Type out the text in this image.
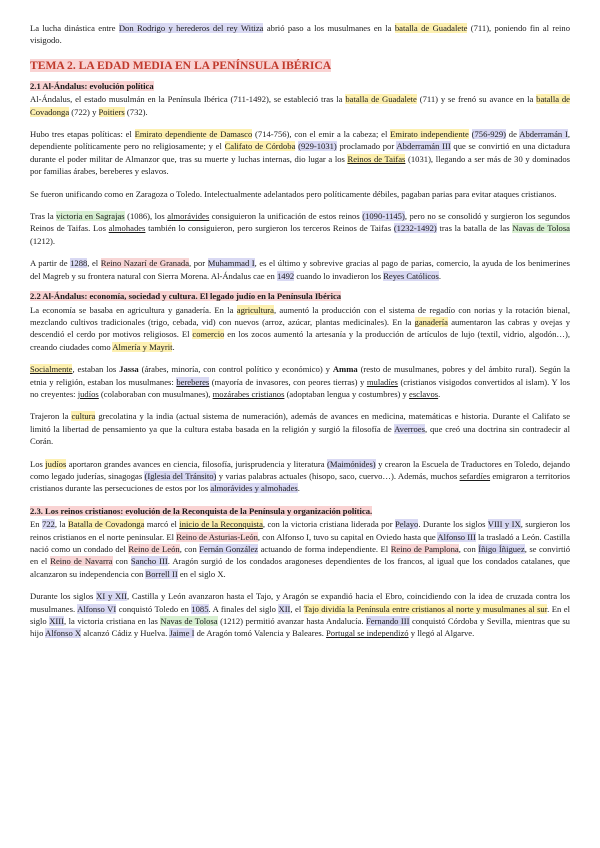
La lucha dinástica entre Don Rodrigo y herederos del rey Witiza abrió paso a los musulmanes en la batalla de Guadalete (711), poniendo fin al reino visigodo.

TEMA 2. LA EDAD MEDIA EN LA PENÍNSULA IBÉRICA
2.1 Al-Ándalus: evolución política

Al-Ándalus, el estado musulmán en la Península Ibérica (711-1492), se estableció tras la batalla de Guadalete (711) y se frenó su avance en la batalla de Covadonga (722) y Poitiers (732).

Hubo tres etapas políticas: el Emirato dependiente de Damasco (714-756), con el emir a la cabeza; el Emirato independiente (756-929) de Abderramán I, dependiente políticamente pero no religiosamente; y el Califato de Córdoba (929-1031) proclamado por Abderramán III que se convirtió en una dictadura durante el poder militar de Almanzor que, tras su muerte y luchas internas, dio lugar a los Reinos de Taifas (1031), llegando a ser más de 30 y dominados por familias árabes, bereberes y eslavos.

Se fueron unificando como en Zaragoza o Toledo. Intelectualmente adelantados pero políticamente débiles, pagaban parias para evitar ataques cristianos.

Tras la victoria en Sagrajas (1086), los almorávides consiguieron la unificación de estos reinos (1090-1145), pero no se consolidó y surgieron los segundos Reinos de Taifas. Los almohades también lo consiguieron, pero surgieron los terceros Reinos de Taifas (1232-1492) tras la batalla de las Navas de Tolosa (1212).

A partir de 1288, el Reino Nazarí de Granada, por Muhammad I, es el último y sobrevive gracias al pago de parias, comercio, la ayuda de los benimerines del Magreb y su frontera natural con Sierra Morena. Al-Ándalus cae en 1492 cuando lo invadieron los Reyes Católicos.

2.2 Al-Ándalus: economía, sociedad y cultura. El legado judío en la Península Ibérica

La economía se basaba en agricultura y ganadería. En la agricultura, aumentó la producción con el sistema de regadío con norias y la rotación bienal, mezclando cultivos tradicionales (trigo, cebada, vid) con nuevos (arroz, azúcar, plantas medicinales). En la ganadería aumentaron las cabras y ovejas y descendió el cerdo por motivos religiosos. El comercio en los zocos aumentó la artesanía y la producción de artículos de lujo (textil, vidrio, algodón…), creando ciudades como Almería y Mayrit.

Socialmente, estaban los Jassa (árabes, minoría, con control político y económico) y Amma (resto de musulmanes, pobres y del ámbito rural). Según la etnia y religión, estaban los musulmanes: bereberes (mayoría de invasores, con peores tierras) y muladíes (cristianos visigodos convertidos al islam). Y los no creyentes: judíos (colaboraban con musulmanes), mozárabes cristianos (adoptaban lengua y costumbres) y esclavos.

Trajeron la cultura grecolatina y la india (actual sistema de numeración), además de avances en medicina, matemáticas e historia. Durante el Califato se limitó la libertad de pensamiento ya que la cultura estaba basada en la religión y surgió la filosofía de Averroes, que creó una doctrina sin contradecir al Corán.

Los judíos aportaron grandes avances en ciencia, filosofía, jurisprudencia y literatura (Maimónides) y crearon la Escuela de Traductores en Toledo, dejando como legado juderías, sinagogas (Iglesia del Tránsito) y varias palabras actuales (hisopo, saco, cuervo…). Además, muchos sefardíes emigraron a territorios cristianos durante las persecuciones de estos por los almorávides y almohades.

2.3. Los reinos cristianos: evolución de la Reconquista de la Península y organización política.

En 722, la Batalla de Covadonga marcó el inicio de la Reconquista, con la victoria cristiana liderada por Pelayo. Durante los siglos VIII y IX, surgieron los reinos cristianos en el norte peninsular. El Reino de Asturias-León, con Alfonso I, tuvo su capital en Oviedo hasta que Alfonso III la trasladó a León. Castilla nació como un condado del Reino de León, con Fernán González actuando de forma independiente. El Reino de Pamplona, con Íñigo Íñiguez, se convirtió en el Reino de Navarra con Sancho III. Aragón surgió de los condados aragoneses dependientes de los francos, al igual que los condados catalanes, que alcanzaron su independencia con Borrell II en el siglo X.

Durante los siglos XI y XII, Castilla y León avanzaron hasta el Tajo, y Aragón se expandió hacia el Ebro, coincidiendo con la idea de cruzada contra los musulmanes. Alfonso VI conquistó Toledo en 1085. A finales del siglo XII, el Tajo dividía la Península entre cristianos al norte y musulmanes al sur. En el siglo XIII, la victoria cristiana en las Navas de Tolosa (1212) permitió avanzar hasta Andalucía. Fernando III conquistó Córdoba y Sevilla, mientras que su hijo Alfonso X alcanzó Cádiz y Huelva. Jaime I de Aragón tomó Valencia y Baleares. Portugal se independizó y llegó al Algarve.
